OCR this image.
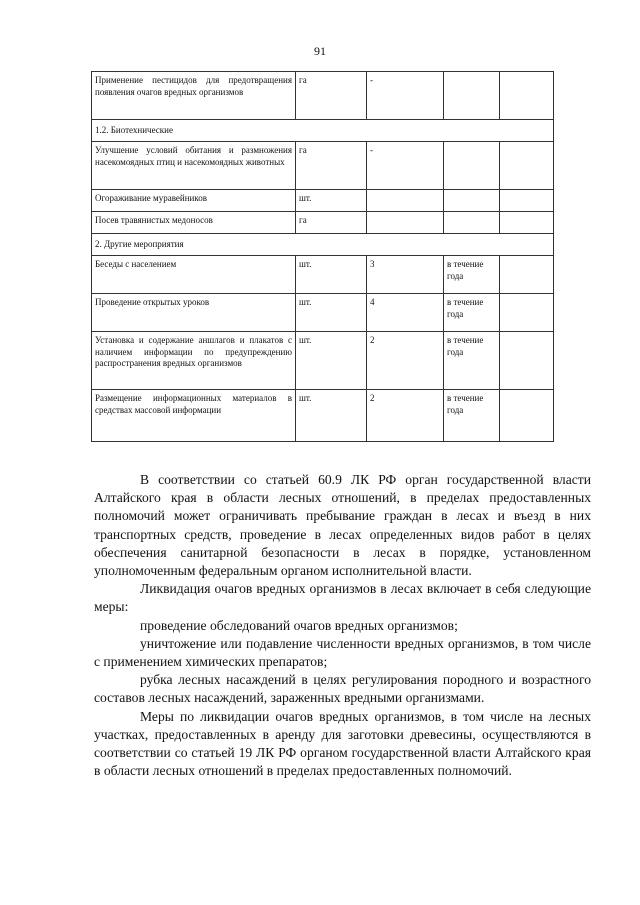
91
Применение пестицидов для предотвращения появления очагов вредных организмов	га	-		
1.2. Биотехнические				
Улучшение условий обитания и размножения насекомоядных птиц и насекомоядных животных	га	-		
Огораживание муравейников	шт.			
Посев травянистых медоносов	га			
2. Другие мероприятия				
Беседы с населением	шт.	3	в течение года	
Проведение открытых уроков	шт.	4	в течение года	
Установка и содержание аншлагов и плакатов с наличием информации по предупреждению распространения вредных организмов	шт.	2	в течение года	
Размещение информационных материалов в средствах массовой информации	шт.	2	в течение года	

В соответствии со статьей 60.9 ЛК РФ орган государственной власти Алтайского края в области лесных отношений, в пределах предоставленных полномочий может ограничивать пребывание граждан в лесах и въезд в них транспортных средств, проведение в лесах определенных видов работ в целях обеспечения санитарной безопасности в лесах в порядке, установленном уполномоченным федеральным органом исполнительной власти.

Ликвидация очагов вредных организмов в лесах включает в себя следующие меры:

проведение обследований очагов вредных организмов;

уничтожение или подавление численности вредных организмов, в том числе с применением химических препаратов;

рубка лесных насаждений в целях регулирования породного и возрастного составов лесных насаждений, зараженных вредными организмами.

Меры по ликвидации очагов вредных организмов, в том числе на лесных участках, предоставленных в аренду для заготовки древесины, осуществляются в соответствии со статьей 19 ЛК РФ органом государственной власти Алтайского края в области лесных отношений в пределах предоставленных полномочий.
